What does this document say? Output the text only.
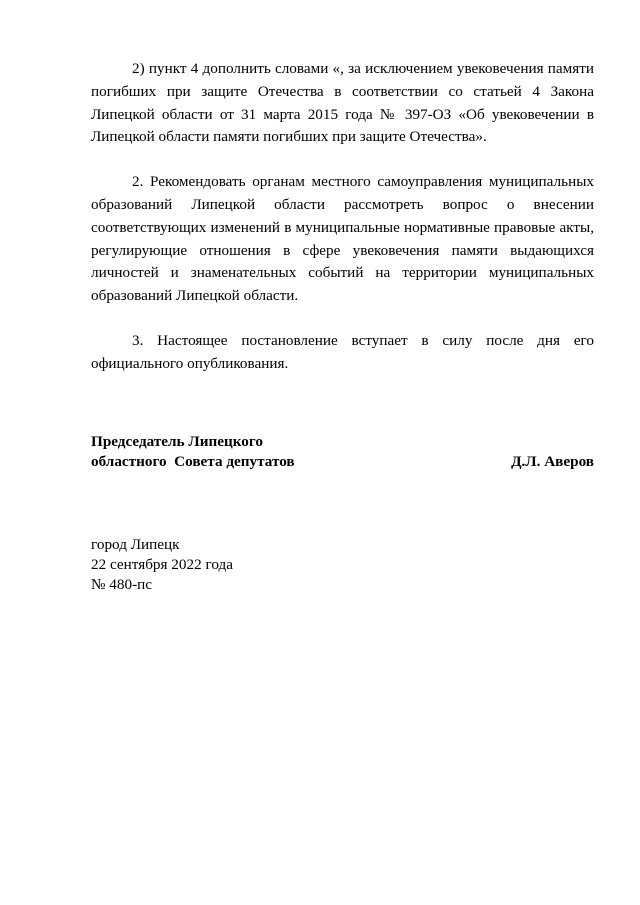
2) пункт 4 дополнить словами «, за исключением увековечения памяти погибших при защите Отечества в соответствии со статьей 4 Закона Липецкой области от 31 марта 2015 года № 397-ОЗ «Об увековечении в Липецкой области памяти погибших при защите Отечества».

2. Рекомендовать органам местного самоуправления муниципальных образований Липецкой области рассмотреть вопрос о внесении соответствующих изменений в муниципальные нормативные правовые акты, регулирующие отношения в сфере увековечения памяти выдающихся личностей и знаменательных событий на территории муниципальных образований Липецкой области.

3. Настоящее постановление вступает в силу после дня его официального опубликования.

Председатель Липецкого
областного  Совета депутатов	Д.Л. Аверов
город Липецк
22 сентября 2022 года
№ 480-пс
